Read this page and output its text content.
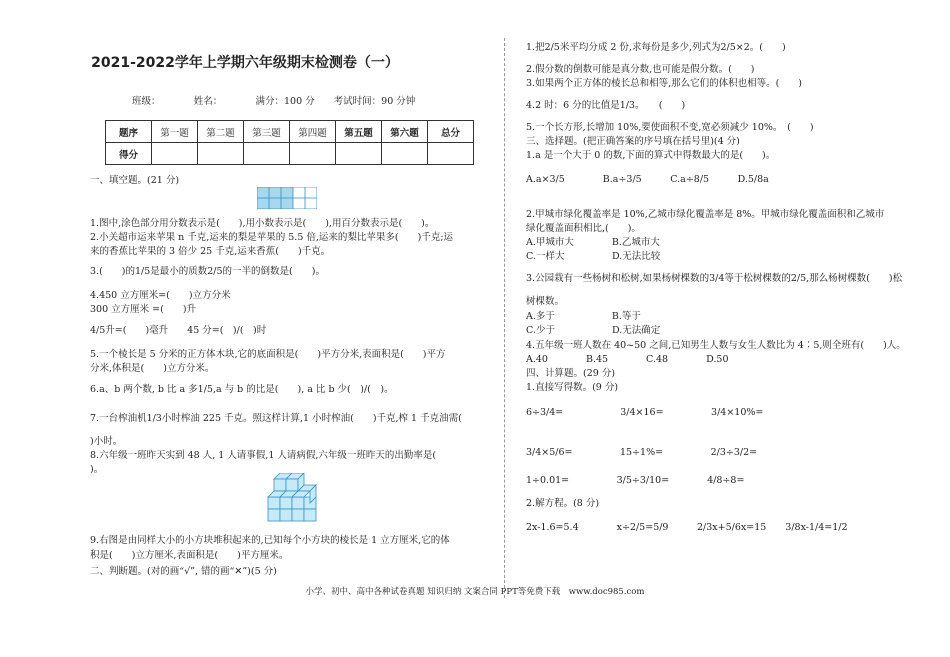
2021-2022学年上学期六年级期末检测卷（一）
班级：　　　　姓名：　　　　满分：100 分　　考试时间：90 分钟
题序	第一题	第二题	第三题	第四题	第五题	第六题	总分
得分							
一、填空题。(21 分)
1.图中,涂色部分用分数表示是(　　),用小数表示是(　　),用百分数表示是(　　)。
2.小关超市运来苹果 n 千克,运来的梨是苹果的 5.5 倍,运来的梨比苹果多(　　)千克;运
来的香蕉比苹果的 3 倍少 25 千克,运来香蕉(　　)千克。
3.(　　)的1/5是最小的质数2/5的一半的倒数是(　　)。
4.450 立方厘米=(　　)立方分米
300 立方厘米 =(　　)升
4/5升=(　　)毫升　　45 分=(　)/(　)时
5.一个棱长是 5 分米的正方体木块,它的底面积是(　　)平方分米,表面积是(　　)平方
分米,体积是(　　)立方分米。
6.a、b 两个数, b 比 a 多1/5,a 与 b 的比是(　　), a 比 b 少(　)/(　)。
7.一台榨油机1/3小时榨油 225 千克。照这样计算,1 小时榨油(　　)千克,榨 1 千克油需(
)小时。
8.六年级一班昨天实到 48 人, 1 人请事假,1 人请病假,六年级一班昨天的出勤率是(　　
)。
9.右图是由同样大小的小方块堆积起来的,已知每个小方块的棱长是 1 立方厘米,它的体
积是(　　)立方厘米,表面积是(　　)平方厘米。
二、判断题。(对的画“√”, 错的画“✕”)(5 分)
1.把2/5米平均分成 2 份,求每份是多少,列式为2/5×2。(　　)
2.假分数的倒数可能是真分数,也可能是假分数。(　　)
3.如果两个正方体的棱长总和相等,那么它们的体积也相等。(　　)
4.2 时：6 分的比值是1/3。　　(　　)
5.一个长方形,长增加 10%,要使面积不变,宽必须减少 10%。　(　　)
三、选择题。(把正确答案的序号填在括号里)(4 分)
1.a 是一个大于 0 的数,下面的算式中得数最大的是(　　)。
A.a×3/5　　　　B.a÷3/5　　　C.a÷8/5　　　D.5/8a
2.甲城市绿化覆盖率是 10%,乙城市绿化覆盖率是 8%。甲城市绿化覆盖面积和乙城市
绿化覆盖面积相比,(　　)。
A.甲城市大　　　　B.乙城市大
C.一样大　　　　　D.无法比较
3.公园栽有一些杨树和松树,如果杨树棵数的3/4等于松树棵数的2/5,那么杨树棵数(　　)松
树棵数。
A.多于　　　　　　B.等于
C.少于　　　　　　D.无法确定
4.五年级一班人数在 40~50 之间,已知男生人数与女生人数比为 4∶5,则全班有(　　)人。
A.40　　　　B.45　　　　C.48　　　　D.50
四、计算题。(29 分)
1.直接写得数。(9 分)
6÷3/4=　　　　　　3/4×16=　　　　　3/4×10%=
3/4×5/6=　　　　　15÷1%=　　　　　2/3÷3/2=
1÷0.01=　　　　　3/5÷3/10=　　　　4/8÷8=
2.解方程。(8 分)
2x-1.6=5.4　　　　x÷2/5=5/9　　　2/3x+5/6x=15　　3/8x-1/4=1/2
小学、初中、高中各种试卷真题 知识归纳 文案合同 PPT等免费下载　www.doc985.com
